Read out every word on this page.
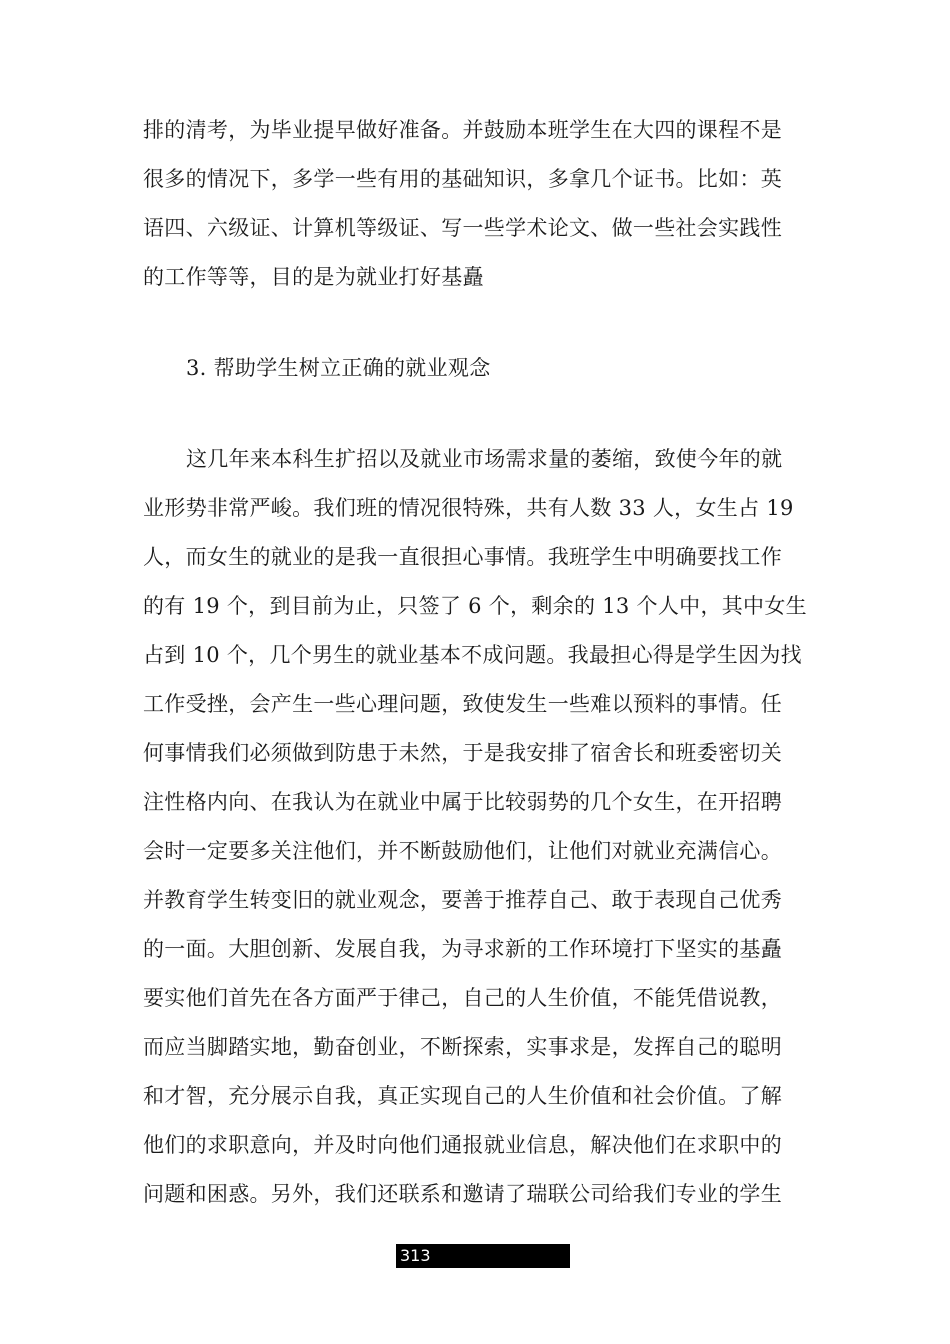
排的清考，为毕业提早做好准备。并鼓励本班学生在大四的课程不是
很多的情况下，多学一些有用的基础知识，多拿几个证书。比如：英
语四、六级证、计算机等级证、写一些学术论文、做一些社会实践性
的工作等等，目的是为就业打好基矗
3. 帮助学生树立正确的就业观念
这几年来本科生扩招以及就业市场需求量的萎缩，致使今年的就
业形势非常严峻。我们班的情况很特殊，共有人数 33 人，女生占 19
人，而女生的就业的是我一直很担心事情。我班学生中明确要找工作
的有 19 个，到目前为止，只签了 6 个，剩余的 13 个人中，其中女生
占到 10 个，几个男生的就业基本不成问题。我最担心得是学生因为找
工作受挫，会产生一些心理问题，致使发生一些难以预料的事情。任
何事情我们必须做到防患于未然，于是我安排了宿舍长和班委密切关
注性格内向、在我认为在就业中属于比较弱势的几个女生，在开招聘
会时一定要多关注他们，并不断鼓励他们，让他们对就业充满信心。
并教育学生转变旧的就业观念，要善于推荐自己、敢于表现自己优秀
的一面。大胆创新、发展自我，为寻求新的工作环境打下坚实的基矗
要实他们首先在各方面严于律己，自己的人生价值，不能凭借说教，
而应当脚踏实地，勤奋创业，不断探索，实事求是，发挥自己的聪明
和才智，充分展示自我，真正实现自己的人生价值和社会价值。了解
他们的求职意向，并及时向他们通报就业信息，解决他们在求职中的
问题和困惑。另外，我们还联系和邀请了瑞联公司给我们专业的学生
313
